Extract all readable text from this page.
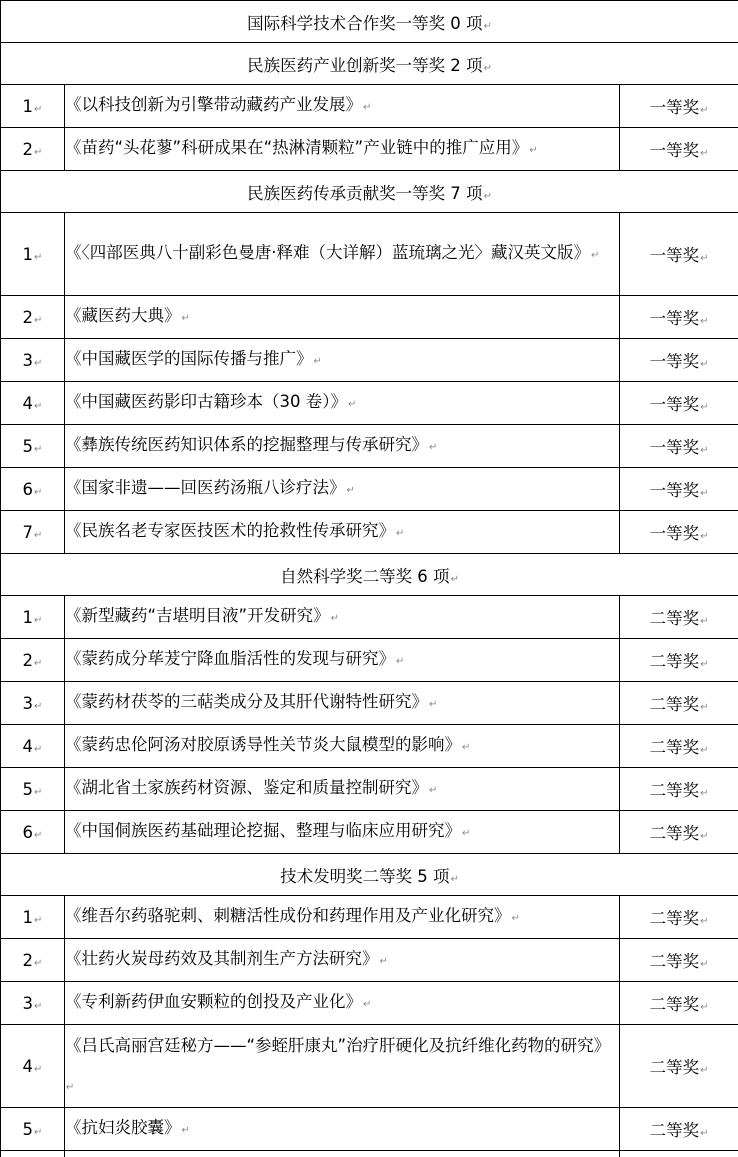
国际科学技术合作奖一等奖 0 项↵		
民族医药产业创新奖一等奖 2 项↵		
1↵	《以科技创新为引擎带动藏药产业发展》↵	一等奖↵
2↵	《苗药“头花蓼”科研成果在“热淋清颗粒”产业链中的推广应用》↵	一等奖↵
民族医药传承贡献奖一等奖 7 项↵		
1↵	《〈四部医典八十副彩色曼唐·释难（大详解）蓝琉璃之光〉藏汉英文版》↵	一等奖↵
2↵	《藏医药大典》↵	一等奖↵
3↵	《中国藏医学的国际传播与推广》↵	一等奖↵
4↵	《中国藏医药影印古籍珍本（30 卷）》↵	一等奖↵
5↵	《彝族传统医药知识体系的挖掘整理与传承研究》↵	一等奖↵
6↵	《国家非遗——回医药汤瓶八诊疗法》↵	一等奖↵
7↵	《民族名老专家医技医术的抢救性传承研究》↵	一等奖↵
自然科学奖二等奖 6 项↵		
1↵	《新型藏药“吉堪明目液”开发研究》↵	二等奖↵
2↵	《蒙药成分荜茇宁降血脂活性的发现与研究》↵	二等奖↵
3↵	《蒙药材茯苓的三萜类成分及其肝代谢特性研究》↵	二等奖↵
4↵	《蒙药忠伦阿汤对胶原诱导性关节炎大鼠模型的影响》↵	二等奖↵
5↵	《湖北省土家族药材资源、鉴定和质量控制研究》↵	二等奖↵
6↵	《中国侗族医药基础理论挖掘、整理与临床应用研究》↵	二等奖↵
技术发明奖二等奖 5 项↵		
1↵	《维吾尔药骆驼刺、刺糖活性成份和药理作用及产业化研究》↵	二等奖↵
2↵	《壮药火炭母药效及其制剂生产方法研究》↵	二等奖↵
3↵	《专利新药伊血安颗粒的创投及产业化》↵	二等奖↵
4↵	《吕氏高丽宫廷秘方——“参蛭肝康丸”治疗肝硬化及抗纤维化药物的研究》↵	二等奖↵
5↵	《抗妇炎胶囊》↵	二等奖↵
